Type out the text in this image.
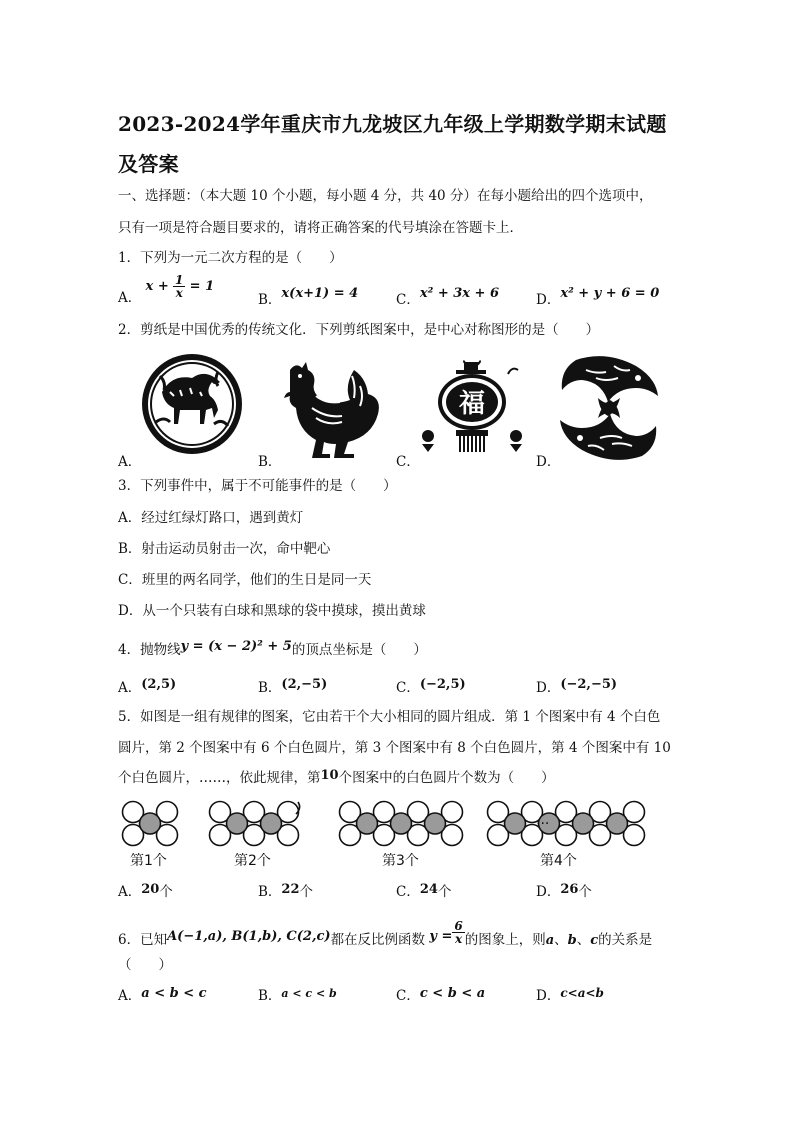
2023-2024学年重庆市九龙坡区九年级上学期数学期末试题
及答案
一、选择题：（本大题 10 个小题，每小题 4 分，共 40 分）在每小题给出的四个选项中，
只有一项是符合题目要求的，请将正确答案的代号填涂在答题卡上．
1．下列为一元二次方程的是（　　）
A． $x + \frac{1}{x} = 1$
B．x(x+1) = 4	C．x² + 3x + 6	D．x² + y + 6 = 0
2．剪纸是中国优秀的传统文化．下列剪纸图案中，是中心对称图形的是（　　）
A．	B．
福
C．	D．
3．下列事件中，属于不可能事件的是（　　）
A．经过红绿灯路口，遇到黄灯
B．射击运动员射击一次，命中靶心
C．班里的两名同学，他们的生日是同一天
D．从一个只装有白球和黑球的袋中摸球，摸出黄球
4．抛物线y = (x − 2)² + 5的顶点坐标是（　　）
A．(2,5)	B．(2,−5)	C．(−2,5)	D．(−2,−5)
5．如图是一组有规律的图案，它由若干个大小相同的圆片组成．第 1 个图案中有 4 个白色
圆片，第 2 个图案中有 6 个白色圆片，第 3 个图案中有 8 个白色圆片，第 4 个图案中有 10
个白色圆片，……，依此规律，第10个图案中的白色圆片个数为（　　）
···
第1个	第2个	第3个	第4个
A．20个	B．22个	C．24个	D．26个
6．已知A(−1,a), B(1,b), C(2,c)都在反比例函数 $y = \frac{6}{x}$ 的图象上，则a、b、c的关系是
（　　）
A．a < b < c	B．$^{a < c < b}$	C．c < b < a	D．c<a<b
